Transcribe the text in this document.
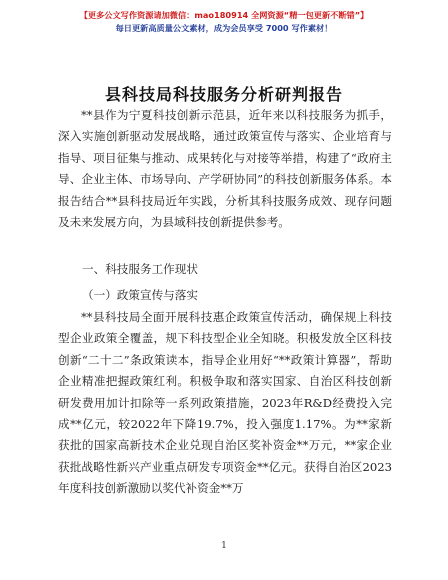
【更多公文写作资源请加微信：mao180914 全网资源“精一包更新不断错”】
每日更新高质量公文素材，成为会员享受 7000 写作素材！
县科技局科技服务分析研判报告
**县作为宁夏科技创新示范县，近年来以科技服务为抓手，深入实施创新驱动发展战略，通过政策宣传与落实、企业培育与指导、项目征集与推动、成果转化与对接等举措，构建了“政府主导、企业主体、市场导向、产学研协同”的科技创新服务体系。本报告结合**县科技局近年实践，分析其科技服务成效、现存问题及未来发展方向，为县域科技创新提供参考。
一、科技服务工作现状
（一）政策宣传与落实
**县科技局全面开展科技惠企政策宣传活动，确保规上科技型企业政策全覆盖，规下科技型企业全知晓。积极发放全区科技创新“二十二”条政策读本，指导企业用好“**政策计算器”，帮助企业精准把握政策红利。积极争取和落实国家、自治区科技创新研发费用加计扣除等一系列政策措施，2023年R&D经费投入完成**亿元，较2022年下降19.7%，投入强度1.17%。为**家新获批的国家高新技术企业兑现自治区奖补资金**万元，**家企业获批战略性新兴产业重点研发专项资金**亿元。获得自治区2023年度科技创新激励以奖代补资金**万
1
